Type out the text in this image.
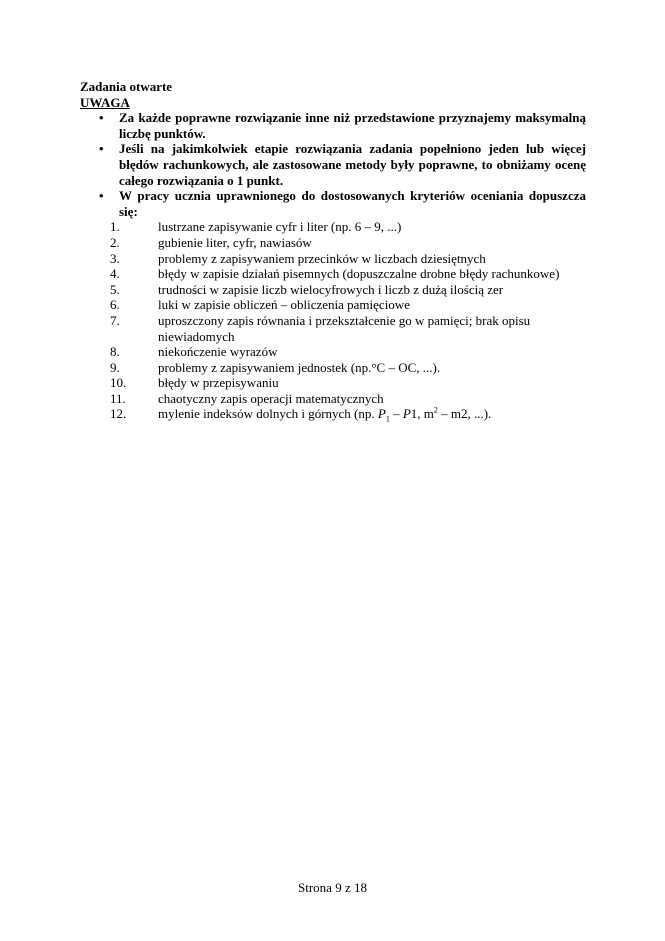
Zadania otwarte
UWAGA
• Za każde poprawne rozwiązanie inne niż przedstawione przyznajemy maksymalną liczbę punktów.
• Jeśli na jakimkolwiek etapie rozwiązania zadania popełniono jeden lub więcej błędów rachunkowych, ale zastosowane metody były poprawne, to obniżamy ocenę całego rozwiązania o 1 punkt.
• W pracy ucznia uprawnionego do dostosowanych kryteriów oceniania dopuszcza się:
1.	lustrzane zapisywanie cyfr i liter (np. 6 – 9, ...)
2.	gubienie liter, cyfr, nawiasów
3.	problemy z zapisywaniem przecinków w liczbach dziesiętnych
4.	błędy w zapisie działań pisemnych (dopuszczalne drobne błędy rachunkowe)
5.	trudności w zapisie liczb wielocyfrowych i liczb z dużą ilością zer
6.	luki w zapisie obliczeń – obliczenia pamięciowe
7.	uproszczony zapis równania i przekształcenie go w pamięci; brak opisu niewiadomych
8.	niekończenie wyrazów
9.	problemy z zapisywaniem jednostek (np.°C – OC, ...).
10. błędy w przepisywaniu
11. chaotyczny zapis operacji matematycznych
12. mylenie indeksów dolnych i górnych (np. $P_1 - P1$, $m^2 - m2$, ...).
Strona 9 z 18
